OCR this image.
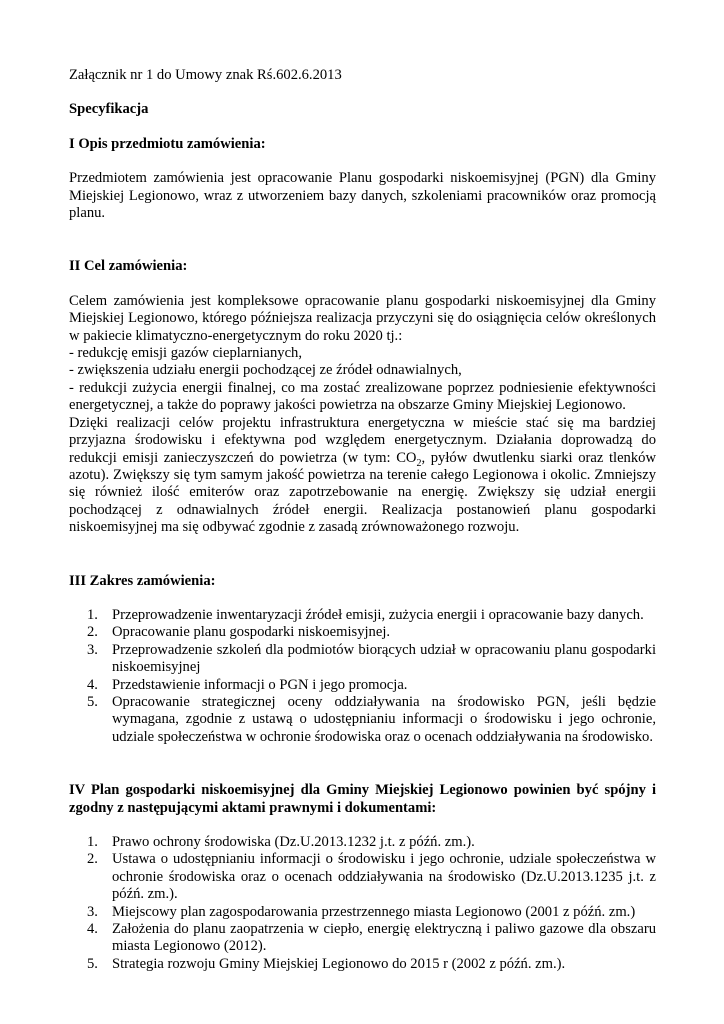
Załącznik nr 1 do Umowy znak Rś.602.6.2013

Specyfikacja

I Opis przedmiotu zamówienia:

Przedmiotem zamówienia jest opracowanie Planu gospodarki niskoemisyjnej (PGN) dla Gminy Miejskiej Legionowo, wraz z utworzeniem bazy danych, szkoleniami pracowników oraz promocją planu.

II Cel zamówienia:

Celem zamówienia jest kompleksowe opracowanie planu gospodarki niskoemisyjnej dla Gminy Miejskiej Legionowo, którego późniejsza realizacja przyczyni się do osiągnięcia celów określonych w pakiecie klimatyczno-energetycznym do roku 2020 tj.:

- redukcję emisji gazów cieplarnianych,

- zwiększenia udziału energii pochodzącej ze źródeł odnawialnych,

- redukcji zużycia energii finalnej, co ma zostać zrealizowane poprzez podniesienie efektywności energetycznej, a także do poprawy jakości powietrza na obszarze Gminy Miejskiej Legionowo.

Dzięki realizacji celów projektu infrastruktura energetyczna w mieście stać się ma bardziej przyjazna środowisku i efektywna pod względem energetycznym. Działania doprowadzą do redukcji emisji zanieczyszczeń do powietrza (w tym: $CO_2$, pyłów dwutlenku siarki oraz tlenków azotu). Zwiększy się tym samym jakość powietrza na terenie całego Legionowa i okolic. Zmniejszy się również ilość emiterów oraz zapotrzebowanie na energię. Zwiększy się udział energii pochodzącej z odnawialnych źródeł energii. Realizacja postanowień planu gospodarki niskoemisyjnej ma się odbywać zgodnie z zasadą zrównoważonego rozwoju.

III Zakres zamówienia:

1. Przeprowadzenie inwentaryzacji źródeł emisji, zużycia energii i opracowanie bazy danych.
2. Opracowanie planu gospodarki niskoemisyjnej.
3. Przeprowadzenie szkoleń dla podmiotów biorących udział w opracowaniu planu gospodarki niskoemisyjnej
4. Przedstawienie informacji o PGN i jego promocja.
5. Opracowanie strategicznej oceny oddziaływania na środowisko PGN, jeśli będzie wymagana, zgodnie z ustawą o udostępnianiu informacji o środowisku i jego ochronie, udziale społeczeństwa w ochronie środowiska oraz o ocenach oddziaływania na środowisko.

IV Plan gospodarki niskoemisyjnej dla Gminy Miejskiej Legionowo powinien być spójny i zgodny z następującymi aktami prawnymi i dokumentami:

1. Prawo ochrony środowiska (Dz.U.2013.1232 j.t. z późń. zm.).
2. Ustawa o udostępnianiu informacji o środowisku i jego ochronie, udziale społeczeństwa w ochronie środowiska oraz o ocenach oddziaływania na środowisko (Dz.U.2013.1235 j.t. z późń. zm.).
3. Miejscowy plan zagospodarowania przestrzennego miasta Legionowo (2001 z późń. zm.)
4. Założenia do planu zaopatrzenia w ciepło, energię elektryczną i paliwo gazowe dla obszaru miasta Legionowo (2012).
5. Strategia rozwoju Gminy Miejskiej Legionowo do 2015 r (2002 z późń. zm.).
